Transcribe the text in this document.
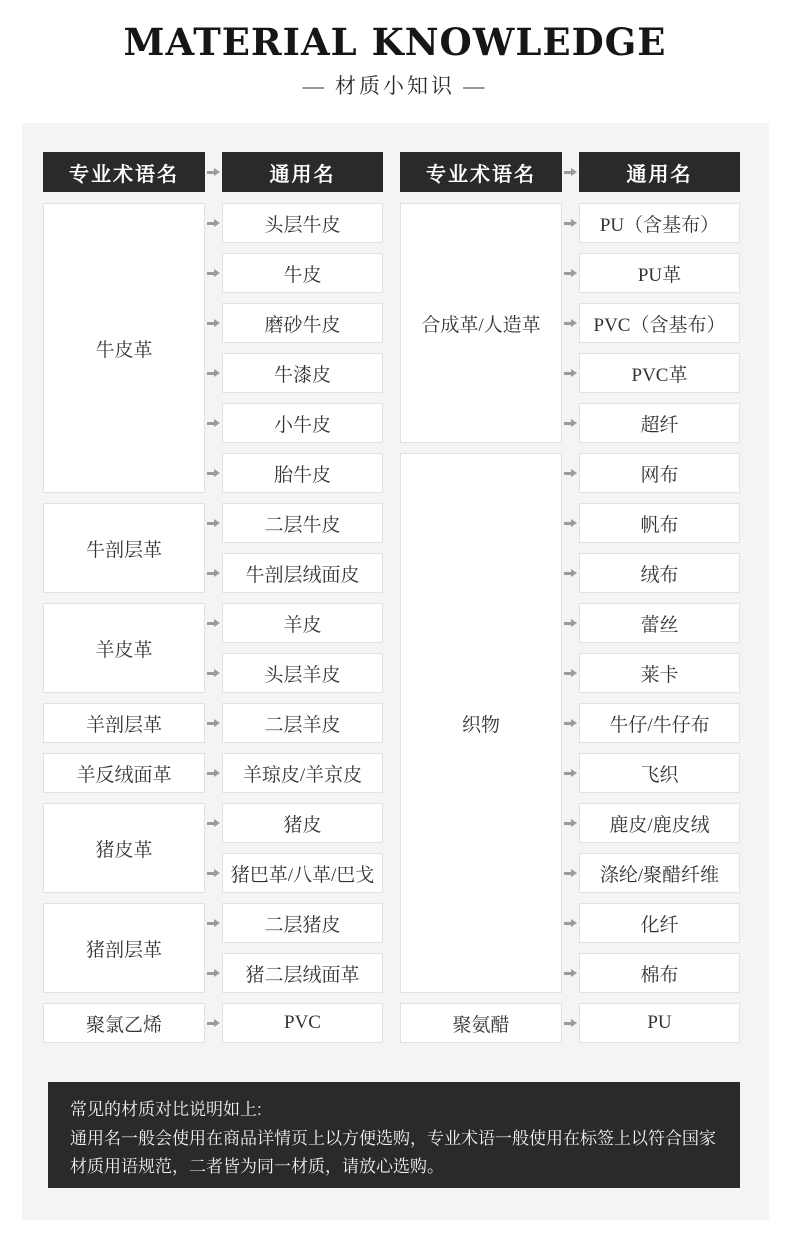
MATERIAL KNOWLEDGE
— 材质小知识 —
专业术语名	通用名
牛皮革
牛剖层革
羊皮革
羊剖层革
羊反绒面革
猪皮革
猪剖层革
聚氯乙烯
头层牛皮
牛皮
磨砂牛皮
牛漆皮
小牛皮
胎牛皮
二层牛皮
牛剖层绒面皮
羊皮
头层羊皮
二层羊皮
羊琼皮/羊京皮
猪皮
猪巴革/八革/巴戈
二层猪皮
猪二层绒面革
PVC
专业术语名	通用名
合成革/人造革
织物
聚氨醋
PU（含基布）
PU革
PVC（含基布）
PVC革
超纤
网布
帆布
绒布
蕾丝
莱卡
牛仔/牛仔布
飞织
鹿皮/鹿皮绒
涤纶/聚醋纤维
化纤
棉布
PU
常见的材质对比说明如上:
通用名一般会使用在商品详情页上以方便选购，专业术语一般使用在标签上以符合国家材质用语规范，二者皆为同一材质，请放心选购。
